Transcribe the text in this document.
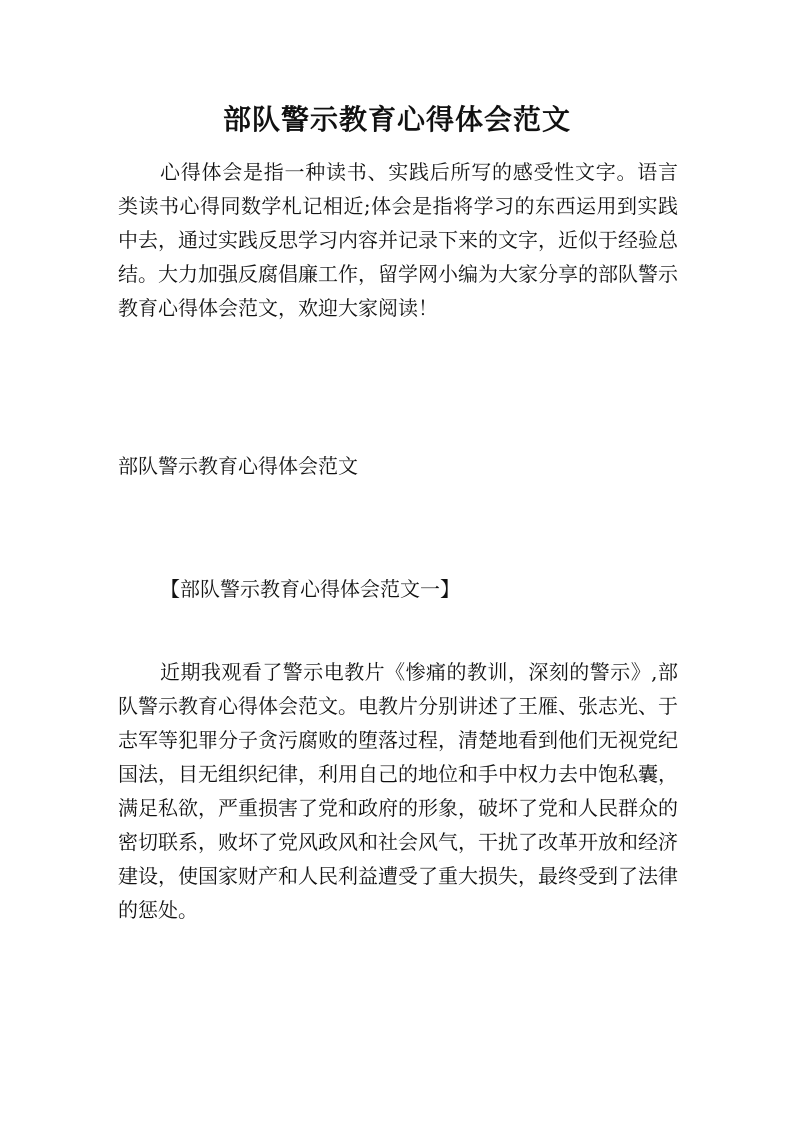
部队警示教育心得体会范文

心得体会是指一种读书、实践后所写的感受性文字。语言类读书心得同数学札记相近;体会是指将学习的东西运用到实践中去，通过实践反思学习内容并记录下来的文字，近似于经验总结。大力加强反腐倡廉工作，留学网小编为大家分享的部队警示教育心得体会范文，欢迎大家阅读！

部队警示教育心得体会范文

【部队警示教育心得体会范文一】

近期我观看了警示电教片《惨痛的教训，深刻的警示》,部队警示教育心得体会范文。电教片分别讲述了王雁、张志光、于志军等犯罪分子贪污腐败的堕落过程，清楚地看到他们无视党纪国法，目无组织纪律，利用自己的地位和手中权力去中饱私囊，满足私欲，严重损害了党和政府的形象，破坏了党和人民群众的密切联系，败坏了党风政风和社会风气，干扰了改革开放和经济建设，使国家财产和人民利益遭受了重大损失，最终受到了法律的惩处。
